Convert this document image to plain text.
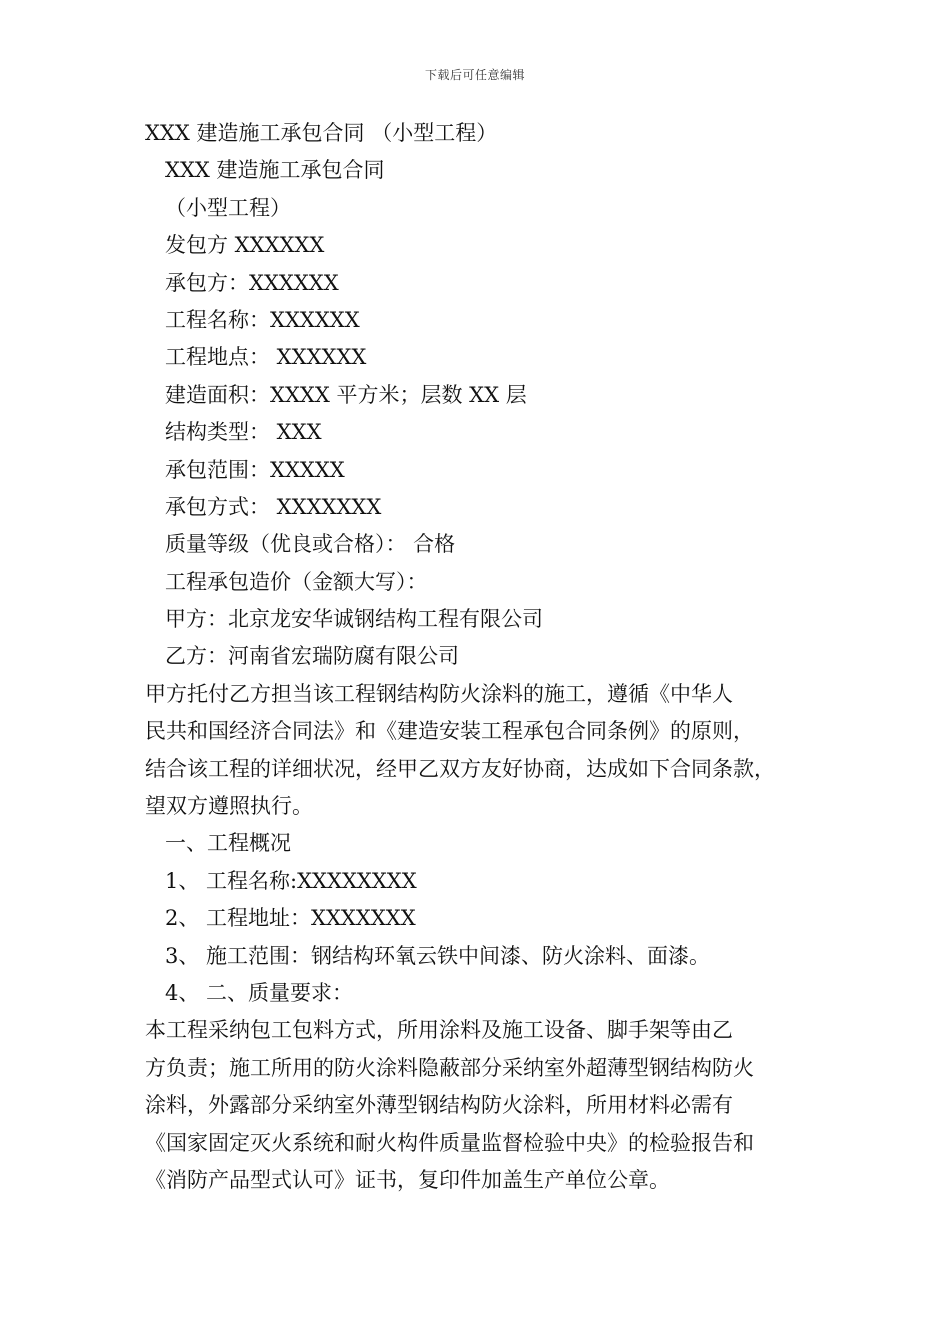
下载后可任意编辑
XXX 建造施工承包合同 （小型工程）
XXX 建造施工承包合同
（小型工程）
发包方 XXXXXX
承包方：XXXXXX
工程名称：XXXXXX
工程地点： XXXXXX
建造面积：XXXX 平方米；层数 XX 层
结构类型： XXX
承包范围：XXXXX
承包方式： XXXXXXX
质量等级（优良或合格）： 合格
工程承包造价（金额大写）：
甲方：北京龙安华诚钢结构工程有限公司
乙方：河南省宏瑞防腐有限公司
甲方托付乙方担当该工程钢结构防火涂料的施工，遵循《中华人
民共和国经济合同法》和《建造安装工程承包合同条例》的原则，
结合该工程的详细状况，经甲乙双方友好协商，达成如下合同条款，
望双方遵照执行。
一、工程概况
1、 工程名称:XXXXXXXX
2、 工程地址：XXXXXXX
3、 施工范围：钢结构环氧云铁中间漆、防火涂料、面漆。
4、 二、质量要求：
本工程采纳包工包料方式，所用涂料及施工设备、脚手架等由乙
方负责；施工所用的防火涂料隐蔽部分采纳室外超薄型钢结构防火
涂料，外露部分采纳室外薄型钢结构防火涂料，所用材料必需有
《国家固定灭火系统和耐火构件质量监督检验中央》的检验报告和
《消防产品型式认可》证书，复印件加盖生产单位公章。
